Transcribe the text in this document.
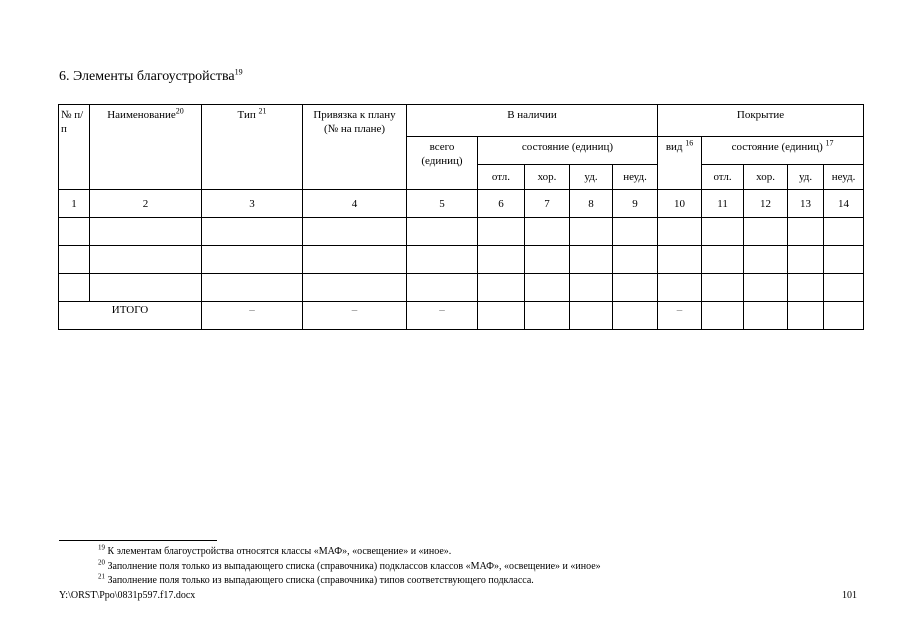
6. Элементы благоустройства$^{19}$
№ п/п	Наименование$^{20}$	Тип $^{21}$	Привязка к плану (№ на плане)	В наличии					Покрытие				
				всего (единиц)	состояние (единиц)				вид $^{16}$	состояние (единиц) $^{17}$
					отл.	хор.	уд.	неуд.		отл.	хор.	уд.	неуд.
1	2	3	4	5	6	7	8	9	10	11	12	13	14

ИТОГО		–	–	–					–				
$^{19}$ К элементам благоустройства относятся классы «МАФ», «освещение» и «иное».
$^{20}$ Заполнение поля только из выпадающего списка (справочника) подклассов классов «МАФ», «освещение» и «иное»
$^{21}$ Заполнение поля только из выпадающего списка (справочника) типов соответствующего подкласса.
Y:\ORST\Ppo\0831p597.f17.docx	101
